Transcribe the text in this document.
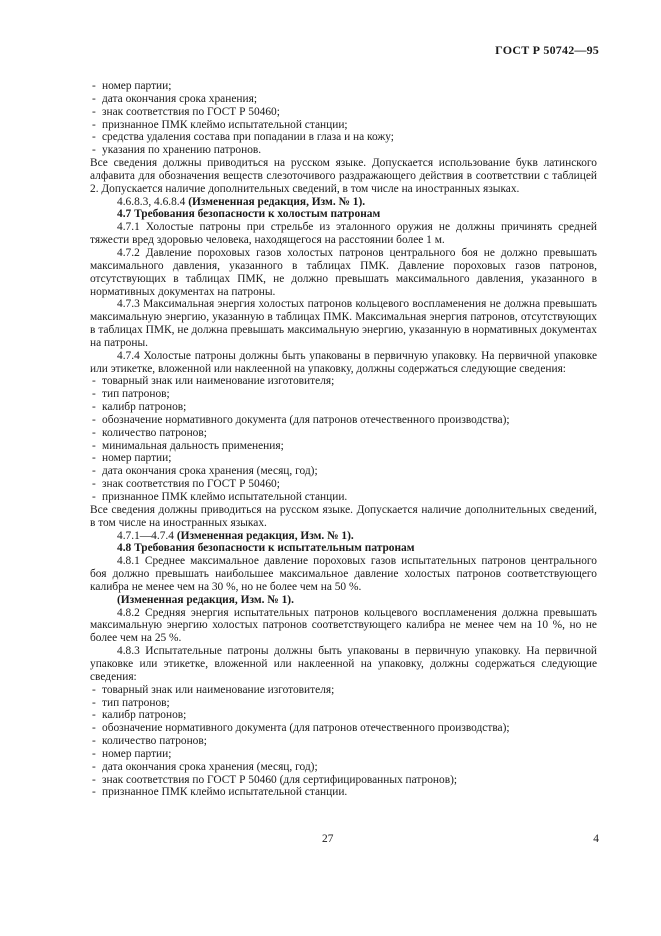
ГОСТ Р 50742—95
- номер партии;
- дата окончания срока хранения;
- знак соответствия по ГОСТ Р 50460;
- признанное ПМК клеймо испытательной станции;
- средства удаления состава при попадании в глаза и на кожу;
- указания по хранению патронов.
Все сведения должны приводиться на русском языке. Допускается использование букв латинского алфавита для обозначения веществ слезоточивого раздражающего действия в соответствии с таблицей 2. Допускается наличие дополнительных сведений, в том числе на иностранных языках.
4.6.8.3, 4.6.8.4 (Измененная редакция, Изм. № 1).
4.7 Требования безопасности к холостым патронам
4.7.1 Холостые патроны при стрельбе из эталонного оружия не должны причинять средней тяжести вред здоровью человека, находящегося на расстоянии более 1 м.
4.7.2 Давление пороховых газов холостых патронов центрального боя не должно превышать максимального давления, указанного в таблицах ПМК. Давление пороховых газов патронов, отсутствующих в таблицах ПМК, не должно превышать максимального давления, указанного в нормативных документах на патроны.
4.7.3 Максимальная энергия холостых патронов кольцевого воспламенения не должна превышать максимальную энергию, указанную в таблицах ПМК. Максимальная энергия патронов, отсутствующих в таблицах ПМК, не должна превышать максимальную энергию, указанную в нормативных документах на патроны.
4.7.4 Холостые патроны должны быть упакованы в первичную упаковку. На первичной упаковке или этикетке, вложенной или наклеенной на упаковку, должны содержаться следующие сведения:
- товарный знак или наименование изготовителя;
- тип патронов;
- калибр патронов;
- обозначение нормативного документа (для патронов отечественного производства);
- количество патронов;
- минимальная дальность применения;
- номер партии;
- дата окончания срока хранения (месяц, год);
- знак соответствия по ГОСТ Р 50460;
- признанное ПМК клеймо испытательной станции.
Все сведения должны приводиться на русском языке. Допускается наличие дополнительных сведений, в том числе на иностранных языках.
4.7.1—4.7.4 (Измененная редакция, Изм. № 1).
4.8 Требования безопасности к испытательным патронам
4.8.1 Среднее максимальное давление пороховых газов испытательных патронов центрального боя должно превышать наибольшее максимальное давление холостых патронов соответствующего калибра не менее чем на 30 %, но не более чем на 50 %.
(Измененная редакция, Изм. № 1).
4.8.2 Средняя энергия испытательных патронов кольцевого воспламенения должна превышать максимальную энергию холостых патронов соответствующего калибра не менее чем на 10 %, но не более чем на 25 %.
4.8.3 Испытательные патроны должны быть упакованы в первичную упаковку. На первичной упаковке или этикетке, вложенной или наклеенной на упаковку, должны содержаться следующие сведения:
- товарный знак или наименование изготовителя;
- тип патронов;
- калибр патронов;
- обозначение нормативного документа (для патронов отечественного производства);
- количество патронов;
- номер партии;
- дата окончания срока хранения (месяц, год);
- знак соответствия по ГОСТ Р 50460 (для сертифицированных патронов);
- признанное ПМК клеймо испытательной станции.
27	4
